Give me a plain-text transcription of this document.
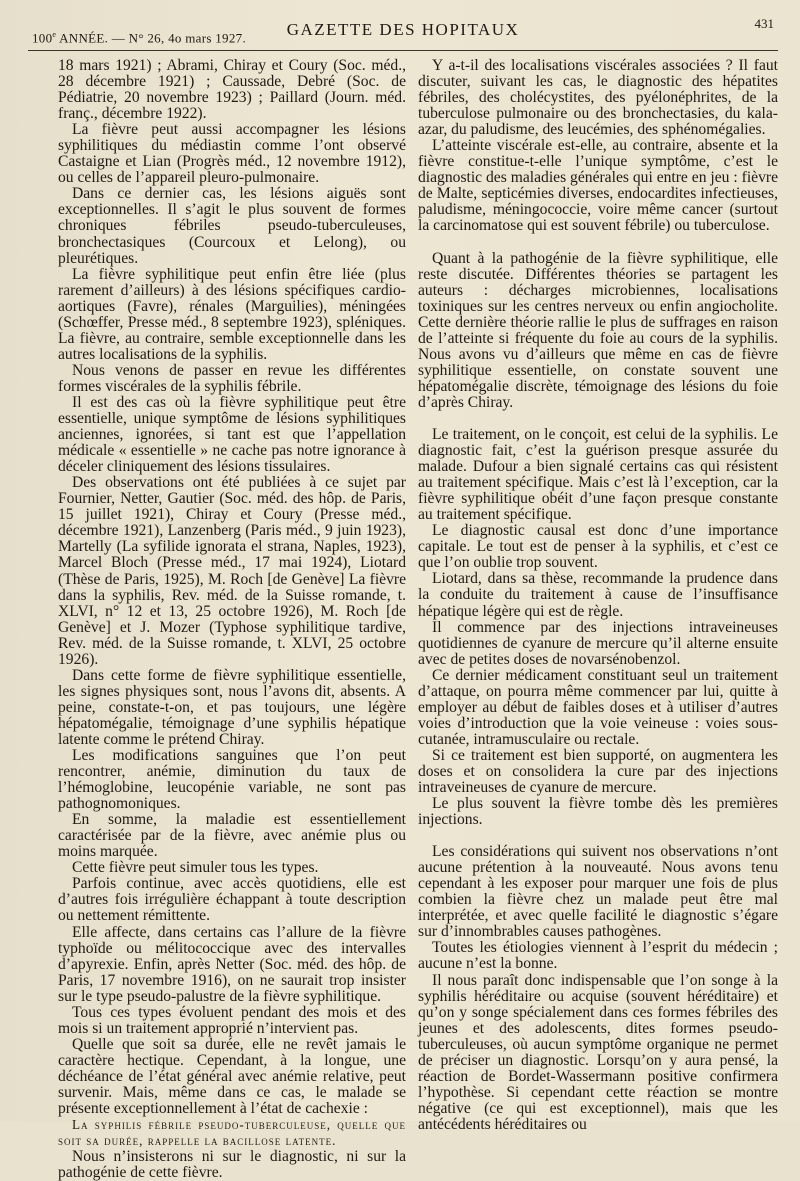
100e ANNÉE. — N° 26, 4o mars 1927.	GAZETTE DES HOPITAUX	431

18 mars 1921) ; Abrami, Chiray et Coury (Soc. méd., 28 décembre 1921) ; Caussade, Debré (Soc. de Pédiatrie, 20 novembre 1923) ; Paillard (Journ. méd. franç., décembre 1922).

La fièvre peut aussi accompagner les lésions syphilitiques du médiastin comme l’ont observé Castaigne et Lian (Progrès méd., 12 novembre 1912), ou celles de l’appareil pleuro-pulmonaire.

Dans ce dernier cas, les lésions aiguës sont exceptionnelles. Il s’agit le plus souvent de formes chroniques fébriles pseudo-tuberculeuses, bronchectasiques (Courcoux et Lelong), ou pleurétiques.

La fièvre syphilitique peut enfin être liée (plus rarement d’ailleurs) à des lésions spécifiques cardio-aortiques (Favre), rénales (Marguilies), méningées (Schœffer, Presse méd., 8 septembre 1923), spléniques. La fièvre, au contraire, semble exceptionnelle dans les autres localisations de la syphilis.

Nous venons de passer en revue les différentes formes viscérales de la syphilis fébrile.

Il est des cas où la fièvre syphilitique peut être essentielle, unique symptôme de lésions syphilitiques anciennes, ignorées, si tant est que l’appellation médicale « essentielle » ne cache pas notre ignorance à déceler cliniquement des lésions tissulaires.

Des observations ont été publiées à ce sujet par Fournier, Netter, Gautier (Soc. méd. des hôp. de Paris, 15 juillet 1921), Chiray et Coury (Presse méd., décembre 1921), Lanzenberg (Paris méd., 9 juin 1923), Martelly (La syfilide ignorata el strana, Naples, 1923), Marcel Bloch (Presse méd., 17 mai 1924), Liotard (Thèse de Paris, 1925), M. Roch [de Genève] La fièvre dans la syphilis, Rev. méd. de la Suisse romande, t. XLVI, n° 12 et 13, 25 octobre 1926), M. Roch [de Genève] et J. Mozer (Typhose syphilitique tardive, Rev. méd. de la Suisse romande, t. XLVI, 25 octobre 1926).

Dans cette forme de fièvre syphilitique essentielle, les signes physiques sont, nous l’avons dit, absents. A peine, constate-t-on, et pas toujours, une légère hépatomégalie, témoignage d’une syphilis hépatique latente comme le prétend Chiray.

Les modifications sanguines que l’on peut rencontrer, anémie, diminution du taux de l’hémoglobine, leucopénie variable, ne sont pas pathognomoniques.

En somme, la maladie est essentiellement caractérisée par de la fièvre, avec anémie plus ou moins marquée.

Cette fièvre peut simuler tous les types.

Parfois continue, avec accès quotidiens, elle est d’autres fois irrégulière échappant à toute description ou nettement rémittente.

Elle affecte, dans certains cas l’allure de la fièvre typhoïde ou mélitococcique avec des intervalles d’apyrexie. Enfin, après Netter (Soc. méd. des hôp. de Paris, 17 novembre 1916), on ne saurait trop insister sur le type pseudo-palustre de la fièvre syphilitique.

Tous ces types évoluent pendant des mois et des mois si un traitement approprié n’intervient pas.

Quelle que soit sa durée, elle ne revêt jamais le caractère hectique. Cependant, à la longue, une déchéance de l’état général avec anémie relative, peut survenir. Mais, même dans ce cas, le malade se présente exceptionnellement à l’état de cachexie :

La syphilis fébrile pseudo-tuberculeuse, quelle que soit sa durée, rappelle la bacillose latente.

Nous n’insisterons ni sur le diagnostic, ni sur la pathogénie de cette fièvre.

Y a-t-il des localisations viscérales associées ? Il faut discuter, suivant les cas, le diagnostic des hépatites fébriles, des cholécystites, des pyélonéphrites, de la tuberculose pulmonaire ou des bronchectasies, du kala-azar, du paludisme, des leucémies, des sphénomégalies.

L’atteinte viscérale est-elle, au contraire, absente et la fièvre constitue-t-elle l’unique symptôme, c’est le diagnostic des maladies générales qui entre en jeu : fièvre de Malte, septicémies diverses, endocardites infectieuses, paludisme, méningococcie, voire même cancer (surtout la carcinomatose qui est souvent fébrile) ou tuberculose.

Quant à la pathogénie de la fièvre syphilitique, elle reste discutée. Différentes théories se partagent les auteurs : décharges microbiennes, localisations toxiniques sur les centres nerveux ou enfin angiocholite. Cette dernière théorie rallie le plus de suffrages en raison de l’atteinte si fréquente du foie au cours de la syphilis. Nous avons vu d’ailleurs que même en cas de fièvre syphilitique essentielle, on constate souvent une hépatomégalie discrète, témoignage des lésions du foie d’après Chiray.

Le traitement, on le conçoit, est celui de la syphilis. Le diagnostic fait, c’est la guérison presque assurée du malade. Dufour a bien signalé certains cas qui résistent au traitement spécifique. Mais c’est là l’exception, car la fièvre syphilitique obéit d’une façon presque constante au traitement spécifique.

Le diagnostic causal est donc d’une importance capitale. Le tout est de penser à la syphilis, et c’est ce que l’on oublie trop souvent.

Liotard, dans sa thèse, recommande la prudence dans la conduite du traitement à cause de l’insuffisance hépatique légère qui est de règle.

Il commence par des injections intraveineuses quotidiennes de cyanure de mercure qu’il alterne ensuite avec de petites doses de novarsénobenzol.

Ce dernier médicament constituant seul un traitement d’attaque, on pourra même commencer par lui, quitte à employer au début de faibles doses et à utiliser d’autres voies d’introduction que la voie veineuse : voies sous-cutanée, intramusculaire ou rectale.

Si ce traitement est bien supporté, on augmentera les doses et on consolidera la cure par des injections intraveineuses de cyanure de mercure.

Le plus souvent la fièvre tombe dès les premières injections.

Les considérations qui suivent nos observations n’ont aucune prétention à la nouveauté. Nous avons tenu cependant à les exposer pour marquer une fois de plus combien la fièvre chez un malade peut être mal interprétée, et avec quelle facilité le diagnostic s’égare sur d’innombrables causes pathogènes.

Toutes les étiologies viennent à l’esprit du médecin ; aucune n’est la bonne.

Il nous paraît donc indispensable que l’on songe à la syphilis héréditaire ou acquise (souvent héréditaire) et qu’on y songe spécialement dans ces formes fébriles des jeunes et des adolescents, dites formes pseudo-tuberculeuses, où aucun symptôme organique ne permet de préciser un diagnostic. Lorsqu’on y aura pensé, la réaction de Bordet-Wassermann positive confirmera l’hypothèse. Si cependant cette réaction se montre négative (ce qui est exceptionnel), mais que les antécédents héréditaires ou
